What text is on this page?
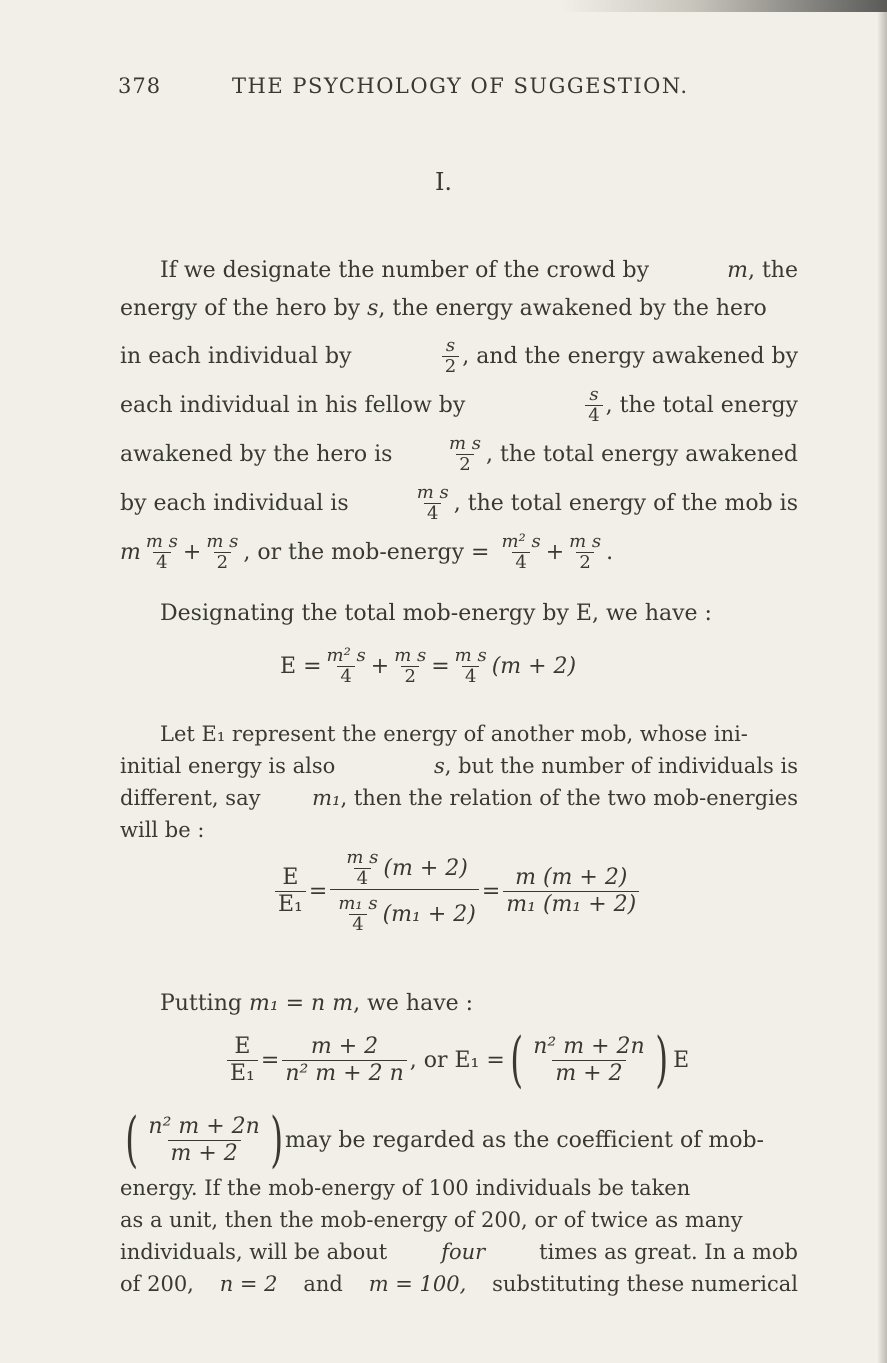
378	THE PSYCHOLOGY OF SUGGESTION.
I.
If we designate the number of the crowd by	m, the
energy of the hero by
s , the energy awakened by the hero
in each individual by	$\frac{s}{2}$ , and the energy awakened by
each individual in his fellow by	$\frac{s}{4}$ , the total energy
awakened by the hero is	$\frac{\text{m s}}{2}$ , the total energy awakened
by each individual is	$\frac{\text{m s}}{4}$ , the total energy of the mob is
m $\frac{\text{m s}}{4} + \frac{\text{m s}}{2}$ , or the mob-energy =
$\frac{\text{m² s}}{4} + \frac{\text{m s}}{2}$ .
Designating the total mob-energy by E, we have :
E
= $\frac{\text{m² s}}{4} + \frac{\text{m s}}{2} = \frac{\text{m s}}{4} (m + 2)$
Let E₁ represent the energy of another mob, whose ini-
initial energy is also	s, but the number of individuals is
different, say m₁, then the relation of the two mob-energies
will be :
$\frac{E}{\text{E₁}} = \frac{\frac{\text{m s}}{4} (m + 2)}{\frac{\text{m₁ s}}{4} (m_1 + 2)} = \frac{m (m + 2)}{\text{m₁ (m₁ + 2)}}$
Putting
m₁ = n m , we have :
$\frac{E}{\text{E₁}} = \frac{m + 2}{\text{n² m + 2 n}}$ , or
E₁
= ( $\frac{\text{n² m + 2n}}{m + 2}$ ) E
( $\frac{\text{n² m + 2n}}{m + 2}$ ) may be regarded as the coefficient of mob-
energy. If the mob-energy of 100 individuals be taken
as a unit, then the mob-energy of 200, or of twice as many
individuals, will be about	four	times as great. In a mob
of 200, n = 2 and m = 100, substituting these numerical
